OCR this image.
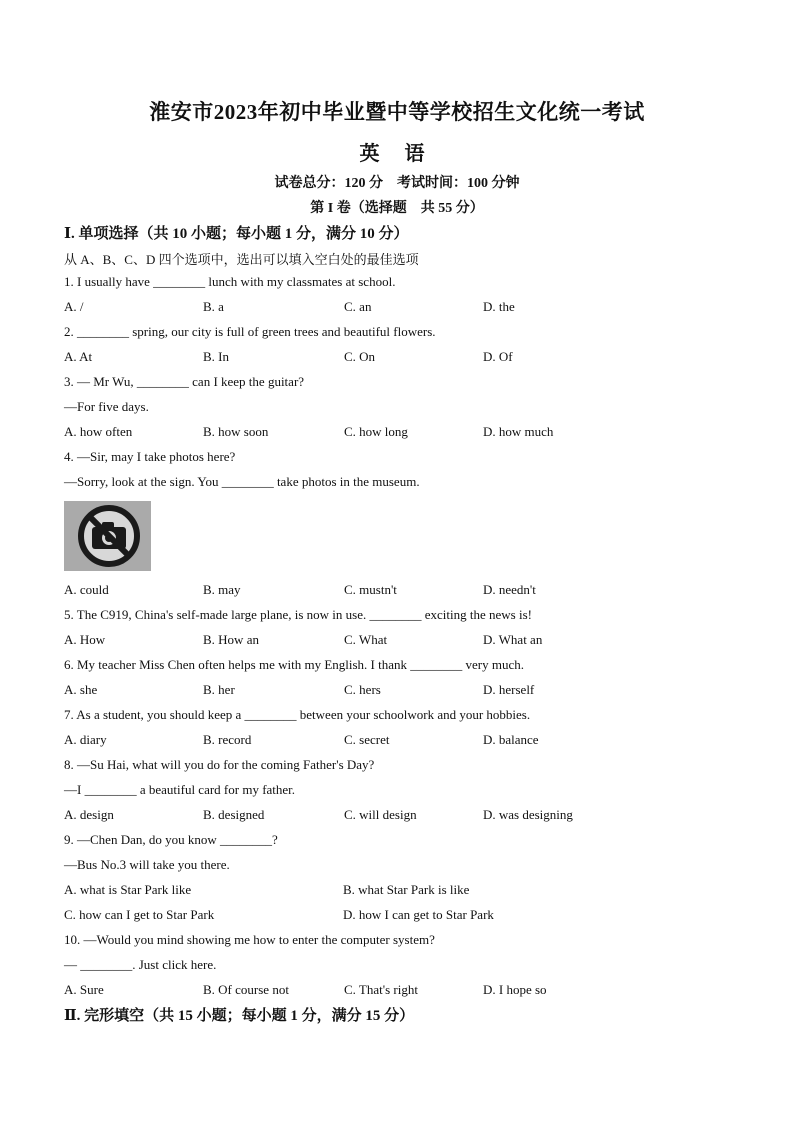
淮安市2023年初中毕业暨中等学校招生文化统一考试
英 语
试卷总分：120 分　考试时间：100 分钟
第 I 卷（选择题　共 55 分）
Ⅰ. 单项选择（共 10 小题；每小题 1 分，满分 10 分）
从 A、B、C、D 四个选项中，选出可以填入空白处的最佳选项
1. I usually have ________ lunch with my classmates at school.
A. /	B. a	C. an	D. the
2. ________ spring, our city is full of green trees and beautiful flowers.
A. At	B. In	C. On	D. Of
3. — Mr Wu, ________ can I keep the guitar?
—For five days.
A. how often	B. how soon	C. how long	D. how much
4. —Sir, may I take photos here?
—Sorry, look at the sign. You ________ take photos in the museum.
A. could	B. may	C. mustn't	D. needn't
5. The C919, China's self-made large plane, is now in use. ________ exciting the news is!
A. How	B. How an	C. What	D. What an
6. My teacher Miss Chen often helps me with my English. I thank ________ very much.
A. she	B. her	C. hers	D. herself
7. As a student, you should keep a ________ between your schoolwork and your hobbies.
A. diary	B. record	C. secret	D. balance
8. —Su Hai, what will you do for the coming Father's Day?
—I ________ a beautiful card for my father.
A. design	B. designed	C. will design	D. was designing
9. —Chen Dan, do you know ________?
—Bus No.3 will take you there.
A. what is Star Park like	B. what Star Park is like
C. how can I get to Star Park	D. how I can get to Star Park
10. —Would you mind showing me how to enter the computer system?
— ________. Just click here.
A. Sure	B. Of course not	C. That's right	D. I hope so
Ⅱ. 完形填空（共 15 小题；每小题 1 分，满分 15 分）
